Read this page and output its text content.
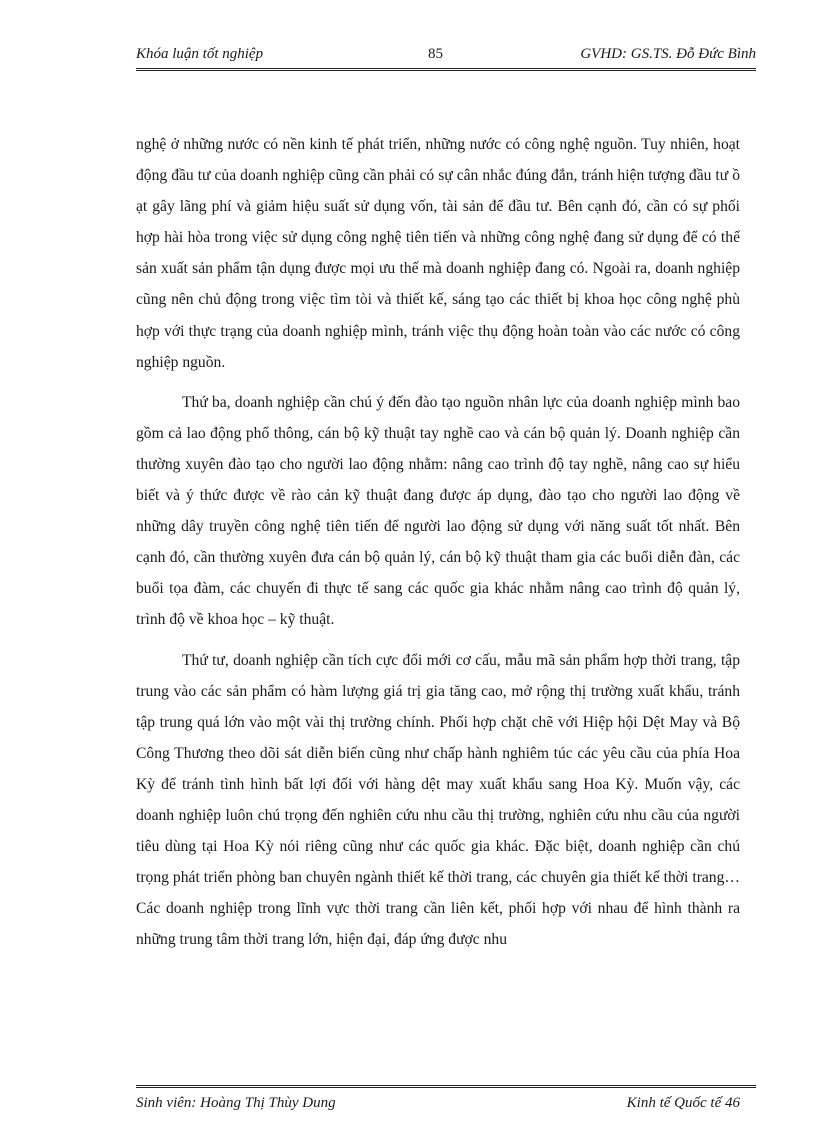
Khóa luận tốt nghiệp	85	GVHD: GS.TS. Đỗ Đức Bình

nghệ ở những nước có nền kinh tế phát triển, những nước có công nghệ nguồn. Tuy nhiên, hoạt động đầu tư của doanh nghiệp cũng cần phải có sự cân nhắc đúng đắn, tránh hiện tượng đầu tư ồ ạt gây lãng phí và giảm hiệu suất sử dụng vốn, tài sản để đầu tư. Bên cạnh đó, cần có sự phối hợp hài hòa trong việc sử dụng công nghệ tiên tiến và những công nghệ đang sử dụng để có thể sản xuất sản phẩm tận dụng được mọi ưu thế mà doanh nghiệp đang có. Ngoài ra, doanh nghiệp cũng nên chủ động trong việc tìm tòi và thiết kế, sáng tạo các thiết bị khoa học công nghệ phù hợp với thực trạng của doanh nghiệp mình, tránh việc thụ động hoàn toàn vào các nước có công nghiệp nguồn.

Thứ ba, doanh nghiệp cần chú ý đến đào tạo nguồn nhân lực của doanh nghiệp mình bao gồm cả lao động phổ thông, cán bộ kỹ thuật tay nghề cao và cán bộ quản lý. Doanh nghiệp cần thường xuyên đào tạo cho người lao động nhằm: nâng cao trình độ tay nghề, nâng cao sự hiểu biết và ý thức được về rào cản kỹ thuật đang được áp dụng, đào tạo cho người lao động về những dây truyền công nghệ tiên tiến để người lao động sử dụng với năng suất tốt nhất. Bên cạnh đó, cần thường xuyên đưa cán bộ quản lý, cán bộ kỹ thuật tham gia các buổi diễn đàn, các buổi tọa đàm, các chuyến đi thực tế sang các quốc gia khác nhằm nâng cao trình độ quản lý, trình độ về khoa học – kỹ thuật.

Thứ tư, doanh nghiệp cần tích cực đổi mới cơ cấu, mẫu mã sản phẩm hợp thời trang, tập trung vào các sản phẩm có hàm lượng giá trị gia tăng cao, mở rộng thị trường xuất khẩu, tránh tập trung quá lớn vào một vài thị trường chính. Phối hợp chặt chẽ với Hiệp hội Dệt May và Bộ Công Thương theo dõi sát diễn biến cũng như chấp hành nghiêm túc các yêu cầu của phía Hoa Kỳ để tránh tình hình bất lợi đối với hàng dệt may xuất khẩu sang Hoa Kỳ. Muốn vậy, các doanh nghiệp luôn chú trọng đến nghiên cứu nhu cầu thị trường, nghiên cứu nhu cầu của người tiêu dùng tại Hoa Kỳ nói riêng cũng như các quốc gia khác. Đặc biệt, doanh nghiệp cần chú trọng phát triển phòng ban chuyên ngành thiết kế thời trang, các chuyên gia thiết kế thời trang… Các doanh nghiệp trong lĩnh vực thời trang cần liên kết, phối hợp với nhau để hình thành ra những trung tâm thời trang lớn, hiện đại, đáp ứng được nhu

Sinh viên: Hoàng Thị Thùy Dung	Kinh tế Quốc tế 46
